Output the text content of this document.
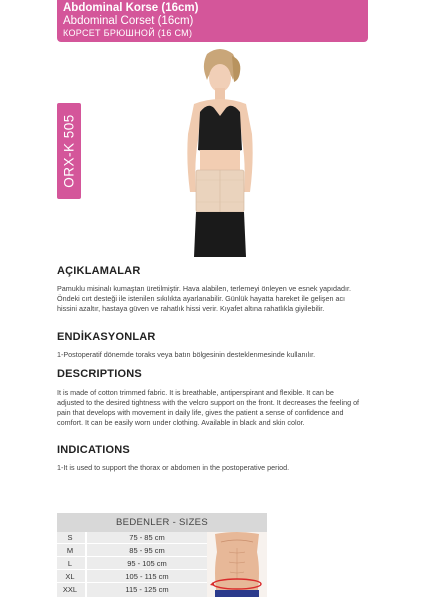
Abdominal Korse (16cm)
Abdominal Corset (16cm)
КОРСЕТ БРЮШНОЙ (16 СМ)
ORX-K 505
AÇIKLAMALAR
Pamuklu misinalı kumaştan üretilmiştir. Hava alabilen, terlemeyi önleyen ve esnek yapıdadır. Öndeki cırt desteği ile istenilen sıkılıkta ayarlanabilir. Günlük hayatta hareket ile gelişen acı hissini azaltır, hastaya güven ve rahatlık hissi verir. Kıyafet altına rahatlıkla giyilebilir.
ENDİKASYONLAR
1-Postoperatif dönemde toraks veya batın bölgesinin desteklenmesinde kullanılır.
DESCRIPTIONS
It is made of cotton trimmed fabric. It is breathable, antiperspirant and flexible. It can be adjusted to the desired tightness with the velcro support on the front. It decreases the feeling of pain that develops with movement in daily life, gives the patient a sense of confidence and comfort. It can be easily worn under clothing. Available in black and skin color.
INDICATIONS
1-It is used to support the thorax or abdomen in the postoperative period.
BEDENLER - SIZES
S	75 - 85 cm
M	85 - 95 cm
L	95 - 105 cm
XL	105 - 115 cm
XXL	115 - 125 cm
